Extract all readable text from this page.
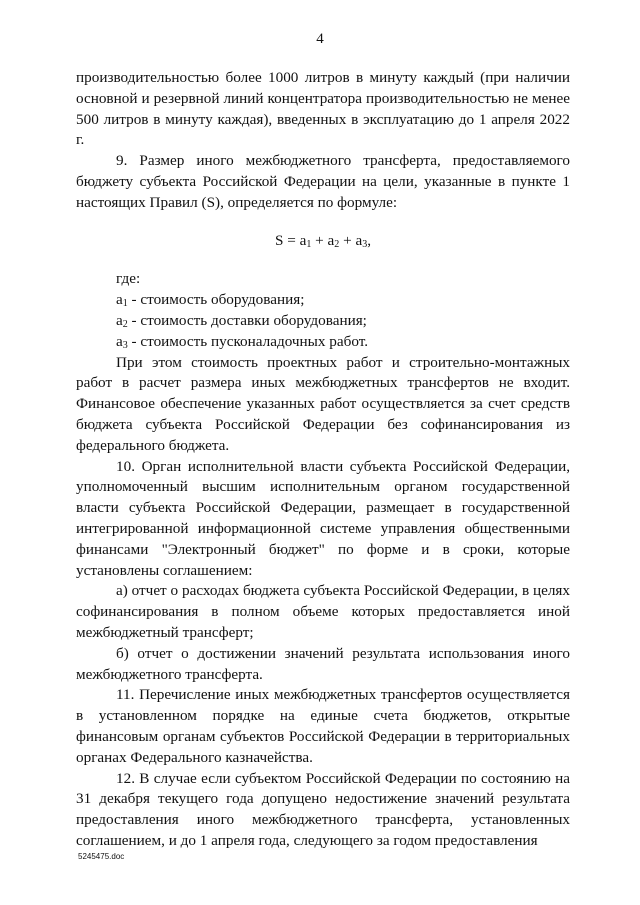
4

производительностью более 1000 литров в минуту каждый (при наличии основной и резервной линий концентратора производительностью не менее 500 литров в минуту каждая), введенных в эксплуатацию до 1 апреля 2022 г.

9. Размер иного межбюджетного трансферта, предоставляемого бюджету субъекта Российской Федерации на цели, указанные в пункте 1 настоящих Правил (S), определяется по формуле:

$S = a_1 + a_2 + a_3$,

где:

$a_1$ - стоимость оборудования;

$a_2$ - стоимость доставки оборудования;

$a_3$ - стоимость пусконаладочных работ.

При этом стоимость проектных работ и строительно-монтажных работ в расчет размера иных межбюджетных трансфертов не входит. Финансовое обеспечение указанных работ осуществляется за счет средств бюджета субъекта Российской Федерации без софинансирования из федерального бюджета.

10. Орган исполнительной власти субъекта Российской Федерации, уполномоченный высшим исполнительным органом государственной власти субъекта Российской Федерации, размещает в государственной интегрированной информационной системе управления общественными финансами "Электронный бюджет" по форме и в сроки, которые установлены соглашением:

а) отчет о расходах бюджета субъекта Российской Федерации, в целях софинансирования в полном объеме которых предоставляется иной межбюджетный трансферт;

б) отчет о достижении значений результата использования иного межбюджетного трансферта.

11. Перечисление иных межбюджетных трансфертов осуществляется в установленном порядке на единые счета бюджетов, открытые финансовым органам субъектов Российской Федерации в территориальных органах Федерального казначейства.

12. В случае если субъектом Российской Федерации по состоянию на 31 декабря текущего года допущено недостижение значений результата предоставления иного межбюджетного трансферта, установленных соглашением, и до 1 апреля года, следующего за годом предоставления

5245475.doc
